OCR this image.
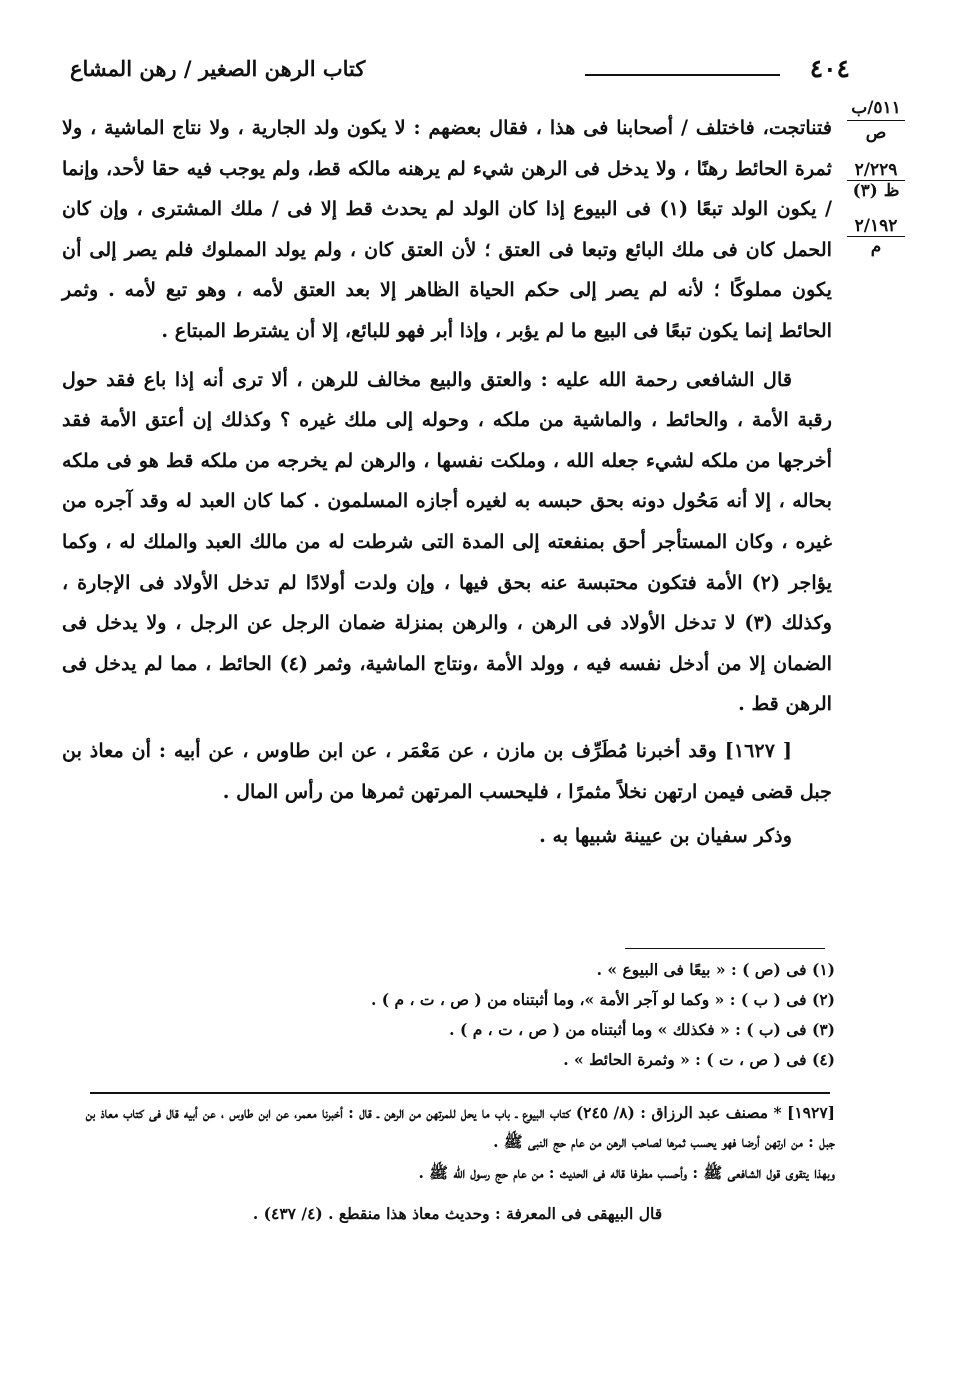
٤٠٤
كتاب الرهن الصغير / رهن المشاع
٥١١/ب
ص
٢/٢٢٩
ظ (٣)
٢/١٩٢
م

فتناتجت، فاختلف / أصحابنا فى هذا ، فقال بعضهم : لا يكون ولد الجارية ، ولا نتاج الماشية ، ولا ثمرة الحائط رهنًا ، ولا يدخل فى الرهن شيء لم يرهنه مالكه قط، ولم يوجب فيه حقا لأحد، وإنما / يكون الولد تبعًا (١) فى البيوع إذا كان الولد لم يحدث قط إلا فى / ملك المشترى ، وإن كان الحمل كان فى ملك البائع وتبعا فى العتق ؛ لأن العتق كان ، ولم يولد المملوك فلم يصر إلى أن يكون مملوكًا ؛ لأنه لم يصر إلى حكم الحياة الظاهر إلا بعد العتق لأمه ، وهو تبع لأمه . وثمر الحائط إنما يكون تبعًا فى البيع ما لم يؤبر ، وإذا أبر فهو للبائع، إلا أن يشترط المبتاع .

قال الشافعى رحمة الله عليه : والعتق والبيع مخالف للرهن ، ألا ترى أنه إذا باع فقد حول رقبة الأمة ، والحائط ، والماشية من ملكه ، وحوله إلى ملك غيره ؟ وكذلك إن أعتق الأمة فقد أخرجها من ملكه لشيء جعله الله ، وملكت نفسها ، والرهن لم يخرجه من ملكه قط هو فى ملكه بحاله ، إلا أنه مَحُول دونه بحق حبسه به لغيره أجازه المسلمون . كما كان العبد له وقد آجره من غيره ، وكان المستأجر أحق بمنفعته إلى المدة التى شرطت له من مالك العبد والملك له ، وكما يؤاجر (٢) الأمة فتكون محتبسة عنه بحق فيها ، وإن ولدت أولادًا لم تدخل الأولاد فى الإجارة ، وكذلك (٣) لا تدخل الأولاد فى الرهن ، والرهن بمنزلة ضمان الرجل عن الرجل ، ولا يدخل فى الضمان إلا من أدخل نفسه فيه ، وولد الأمة ،ونتاج الماشية، وثمر (٤) الحائط ، مما لم يدخل فى الرهن قط .

[ ١٦٢٧] وقد أخبرنا مُطَرِّف بن مازن ، عن مَعْمَر ، عن ابن طاوس ، عن أبيه : أن معاذ بن جبل قضى فيمن ارتهن نخلاً مثمرًا ، فليحسب المرتهن ثمرها من رأس المال .

وذكر سفيان بن عيينة شبيها به .

(١) فى (ص ) : « بيعًا فى البيوع » .
(٢) فى ( ب ) : « وكما لو آجر الأمة »، وما أثبتناه من ( ص ، ت ، م ) .
(٣) فى (ب ) : « فكذلك » وما أثبتناه من ( ص ، ت ، م ) .
(٤) فى ( ص ، ت ) : « وثمرة الحائط » .

[١٩٢٧] * مصنف عبد الرزاق : (٨/ ٢٤٥) كتاب البيوع ـ باب ما يحل للمرتهن من الرهن ـ قال : أخبرنا معمر، عن ابن طاوس ، عن أبيه قال فى كتاب معاذ بن جبل : من ارتهن أرضا فهو يحسب ثمرها لصاحب الرهن من عام حج النبى ﷺ .

وبهذا يتقوى قول الشافعى ﷺ : وأحسب مطرفا قاله فى الحديث : من عام حج رسول الله ﷺ .

قال البيهقى فى المعرفة : وحديث معاذ هذا منقطع . (٤/ ٤٣٧) .
